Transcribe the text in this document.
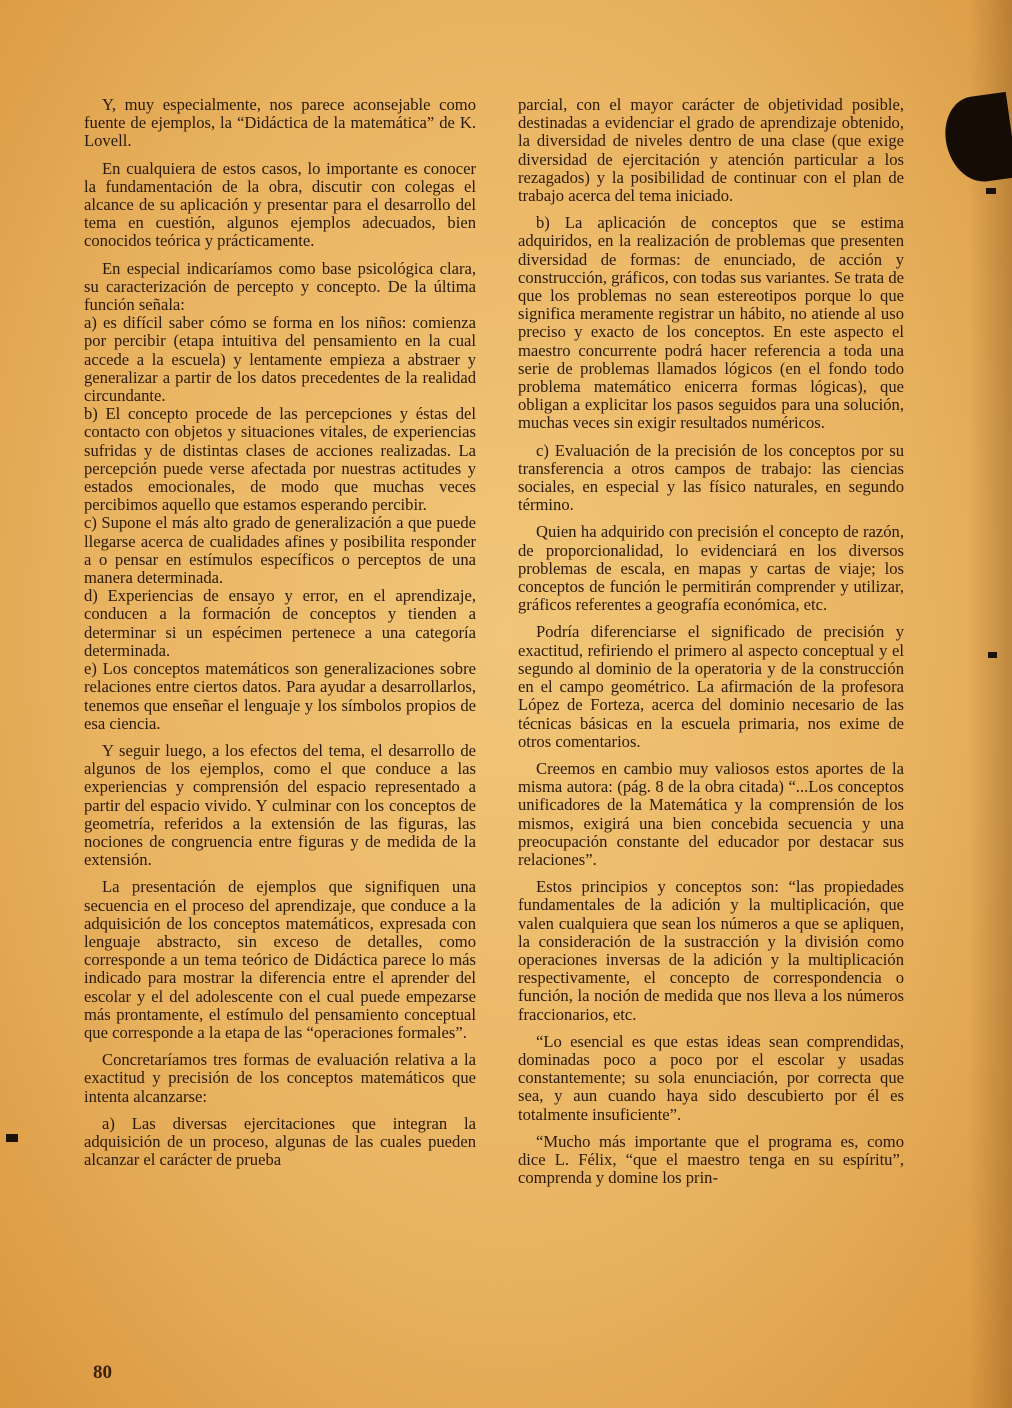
Y, muy especialmente, nos parece aconsejable como fuente de ejemplos, la “Didáctica de la matemática” de K. Lovell.

En cualquiera de estos casos, lo importante es conocer la fundamentación de la obra, discutir con colegas el alcance de su aplicación y presentar para el desarrollo del tema en cuestión, algunos ejemplos adecuados, bien conocidos teórica y prácticamente.

En especial indicaríamos como base psicológica clara, su caracterización de percepto y concepto. De la última función señala:

a) es difícil saber cómo se forma en los niños: comienza por percibir (etapa intuitiva del pensamiento en la cual accede a la escuela) y lentamente empieza a abstraer y generalizar a partir de los datos precedentes de la realidad circundante.

b) El concepto procede de las percepciones y éstas del contacto con objetos y situaciones vitales, de experiencias sufridas y de distintas clases de acciones realizadas. La percepción puede verse afectada por nuestras actitudes y estados emocionales, de modo que muchas veces percibimos aquello que estamos esperando percibir.

c) Supone el más alto grado de generalización a que puede llegarse acerca de cualidades afines y posibilita responder a o pensar en estímulos específicos o perceptos de una manera determinada.

d) Experiencias de ensayo y error, en el aprendizaje, conducen a la formación de conceptos y tienden a determinar si un espécimen pertenece a una categoría determinada.

e) Los conceptos matemáticos son generalizaciones sobre relaciones entre ciertos datos. Para ayudar a desarrollarlos, tenemos que enseñar el lenguaje y los símbolos propios de esa ciencia.

Y seguir luego, a los efectos del tema, el desarrollo de algunos de los ejemplos, como el que conduce a las experiencias y comprensión del espacio representado a partir del espacio vivido. Y culminar con los conceptos de geometría, referidos a la extensión de las figuras, las nociones de congruencia entre figuras y de medida de la extensión.

La presentación de ejemplos que signifiquen una secuencia en el proceso del aprendizaje, que conduce a la adquisición de los conceptos matemáticos, expresada con lenguaje abstracto, sin exceso de detalles, como corresponde a un tema teórico de Didáctica parece lo más indicado para mostrar la diferencia entre el aprender del escolar y el del adolescente con el cual puede empezarse más prontamente, el estímulo del pensamiento conceptual que corresponde a la etapa de las “operaciones formales”.

Concretaríamos tres formas de evaluación relativa a la exactitud y precisión de los conceptos matemáticos que intenta alcanzarse:

a) Las diversas ejercitaciones que integran la adquisición de un proceso, algunas de las cuales pueden alcanzar el carácter de prueba

parcial, con el mayor carácter de objetividad posible, destinadas a evidenciar el grado de aprendizaje obtenido, la diversidad de niveles dentro de una clase (que exige diversidad de ejercitación y atención particular a los rezagados) y la posibilidad de continuar con el plan de trabajo acerca del tema iniciado.

b) La aplicación de conceptos que se estima adquiridos, en la realización de problemas que presenten diversidad de formas: de enunciado, de acción y construcción, gráficos, con todas sus variantes. Se trata de que los problemas no sean estereotipos porque lo que significa meramente registrar un hábito, no atiende al uso preciso y exacto de los conceptos. En este aspecto el maestro concurrente podrá hacer referencia a toda una serie de problemas llamados lógicos (en el fondo todo problema matemático enicerra formas lógicas), que obligan a explicitar los pasos seguidos para una solución, muchas veces sin exigir resultados numéricos.

c) Evaluación de la precisión de los conceptos por su transferencia a otros campos de trabajo: las ciencias sociales, en especial y las físico naturales, en segundo término.

Quien ha adquirido con precisión el concepto de razón, de proporcionalidad, lo evidenciará en los diversos problemas de escala, en mapas y cartas de viaje; los conceptos de función le permitirán comprender y utilizar, gráficos referentes a geografía económica, etc.

Podría diferenciarse el significado de precisión y exactitud, refiriendo el primero al aspecto conceptual y el segundo al dominio de la operatoria y de la construcción en el campo geométrico. La afirmación de la profesora López de Forteza, acerca del dominio necesario de las técnicas básicas en la escuela primaria, nos exime de otros comentarios.

Creemos en cambio muy valiosos estos aportes de la misma autora: (pág. 8 de la obra citada) “...Los conceptos unificadores de la Matemática y la comprensión de los mismos, exigirá una bien concebida secuencia y una preocupación constante del educador por destacar sus relaciones”.

Estos principios y conceptos son: “las propiedades fundamentales de la adición y la multiplicación, que valen cualquiera que sean los números a que se apliquen, la consideración de la sustracción y la división como operaciones inversas de la adición y la multiplicación respectivamente, el concepto de correspondencia o función, la noción de medida que nos lleva a los números fraccionarios, etc.

“Lo esencial es que estas ideas sean comprendidas, dominadas poco a poco por el escolar y usadas constantemente; su sola enunciación, por correcta que sea, y aun cuando haya sido descubierto por él es totalmente insuficiente”.

“Mucho más importante que el programa es, como dice L. Félix, “que el maestro tenga en su espíritu”, comprenda y domine los prin-

80
